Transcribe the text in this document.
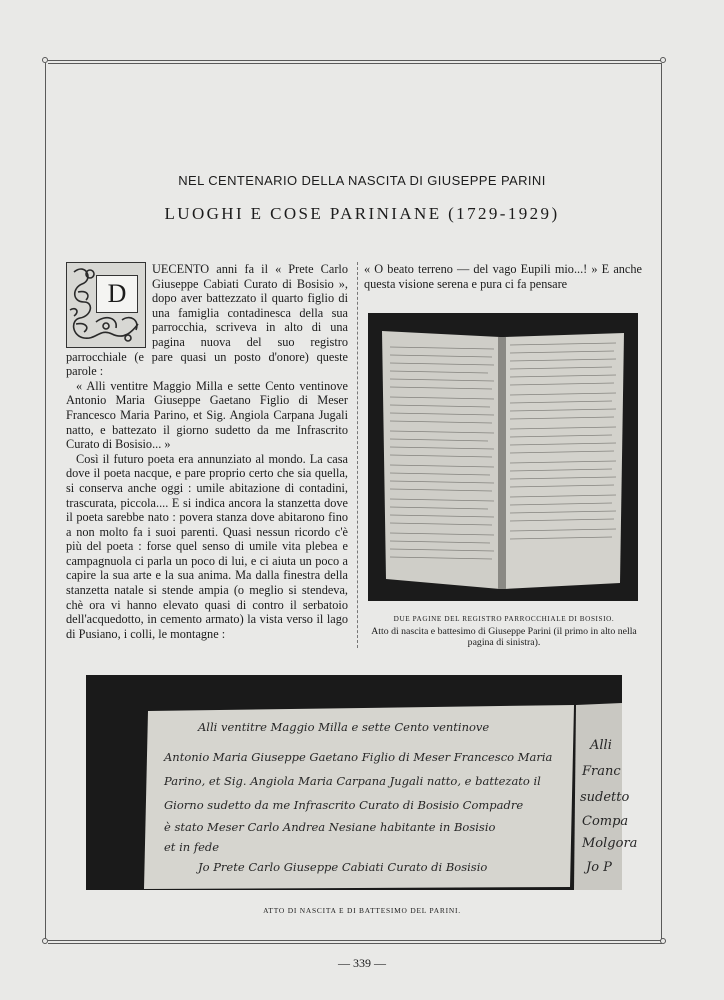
NEL CENTENARIO DELLA NASCITA DI GIUSEPPE PARINI
LUOGHI E COSE PARINIANE (1729-1929)
D

UECENTO anni fa il « Prete Carlo Giuseppe Cabiati Curato di Bosisio », dopo aver battezzato il quarto figlio di una famiglia contadinesca della sua parrocchia, scriveva in alto di una pagina nuova del suo registro parrocchiale (e pare quasi un posto d'onore) queste parole :

« Alli ventitre Maggio Milla e sette Cento ventinove Antonio Maria Giuseppe Gaetano Figlio di Meser Francesco Maria Parino, et Sig. Angiola Carpana Jugali natto, e battezato il giorno sudetto da me Infrascrito Curato di Bosisio... »

Così il futuro poeta era annunziato al mondo. La casa dove il poeta nacque, e pare proprio certo che sia quella, si conserva anche oggi : umile abitazione di contadini, trascurata, piccola.... E si indica ancora la stanzetta dove il poeta sarebbe nato : povera stanza dove abitarono fino a non molto fa i suoi parenti. Quasi nessun ricordo c'è più del poeta : forse quel senso di umile vita plebea e campagnuola ci parla un poco di lui, e ci aiuta un poco a capire la sua arte e la sua anima. Ma dalla finestra della stanzetta natale si stende ampia (o meglio si stendeva, chè ora vi hanno elevato quasi di contro il serbatoio dell'acquedotto, in cemento armato) la vista verso il lago di Pusiano, i colli, le montagne :

« O beato terreno — del vago Eupili mio...! » E anche questa visione serena e pura ci fa pensare

DUE PAGINE DEL REGISTRO PARROCCHIALE DI BOSISIO.
Atto di nascita e battesimo di Giuseppe Parini (il primo in alto nella pagina di sinistra).
Alli ventitre Maggio Milla e sette Cento ventinove
Antonio Maria Giuseppe Gaetano Figlio di Meser Francesco Maria
Parino, et Sig. Angiola Maria Carpana Jugali natto, e battezato il
Giorno sudetto da me Infrascrito Curato di Bosisio Compadre
è stato Meser Carlo Andrea Nesiane habitante in Bosisio
et in fede
Jo Prete Carlo Giuseppe Cabiati Curato di Bosisio
Alli
Franc
sudetto
Compa
Molgora
Jo P
ATTO DI NASCITA E DI BATTESIMO DEL PARINI.
— 339 —
